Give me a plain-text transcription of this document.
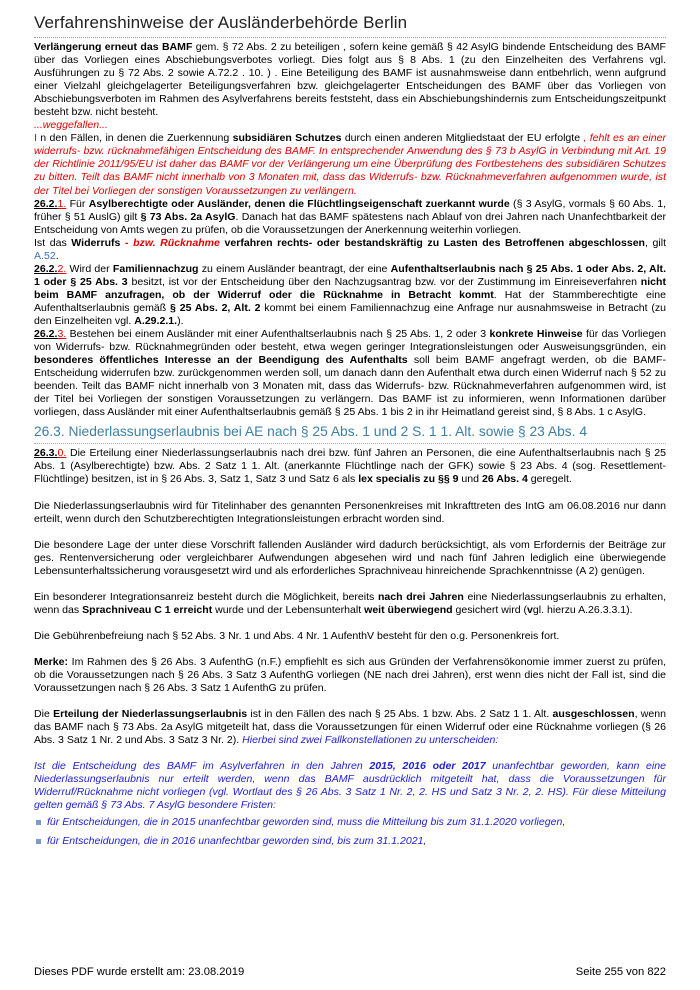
Verfahrenshinweise der Ausländerbehörde Berlin

Verlängerung erneut das BAMF gem. § 72 Abs. 2 zu beteiligen , sofern keine gemäß § 42 AsylG bindende Entscheidung des BAMF über das Vorliegen eines Abschiebungsverbotes vorliegt. Dies folgt aus § 8 Abs. 1 (zu den Einzelheiten des Verfahrens vgl. Ausführungen zu § 72 Abs. 2 sowie A.72.2 . 10. ) . Eine Beteiligung des BAMF ist ausnahmsweise dann entbehrlich, wenn aufgrund einer Vielzahl gleichgelagerter Beteiligungsverfahren bzw. gleichgelagerter Entscheidungen des BAMF über das Vorliegen von Abschiebungsverboten im Rahmen des Asylverfahrens bereits feststeht, dass ein Abschiebungshindernis zum Entscheidungszeitpunkt besteht bzw. nicht besteht.

...weggefallen...

I n den Fällen, in denen die Zuerkennung subsidiären Schutzes durch einen anderen Mitgliedstaat der EU erfolgte , fehlt es an einer widerrufs- bzw. rücknahmefähigen Entscheidung des BAMF. In entsprechender Anwendung des § 73 b AsylG in Verbindung mit Art. 19 der Richtlinie 2011/95/EU ist daher das BAMF vor der Verlängerung um eine Überprüfung des Fortbestehens des subsidiären Schutzes zu bitten. Teilt das BAMF nicht innerhalb von 3 Monaten mit, dass das Widerrufs- bzw. Rücknahmeverfahren aufgenommen wurde, ist der Titel bei Vorliegen der sonstigen Voraussetzungen zu verlängern.

26.2.1. Für Asylberechtigte oder Ausländer, denen die Flüchtlingseigenschaft zuerkannt wurde (§ 3 AsylG, vormals § 60 Abs. 1, früher § 51 AuslG) gilt § 73 Abs. 2a AsylG. Danach hat das BAMF spätestens nach Ablauf von drei Jahren nach Unanfechtbarkeit der Entscheidung von Amts wegen zu prüfen, ob die Voraussetzungen der Anerkennung weiterhin vorliegen.

Ist das Widerrufs - bzw. Rücknahme verfahren rechts- oder bestandskräftig zu Lasten des Betroffenen abgeschlossen, gilt A.52.

26.2.2. Wird der Familiennachzug zu einem Ausländer beantragt, der eine Aufenthaltserlaubnis nach § 25 Abs. 1 oder Abs. 2, Alt. 1 oder § 25 Abs. 3 besitzt, ist vor der Entscheidung über den Nachzugsantrag bzw. vor der Zustimmung im Einreiseverfahren nicht beim BAMF anzufragen, ob der Widerruf oder die Rücknahme in Betracht kommt. Hat der Stammberechtigte eine Aufenthaltserlaubnis gemäß § 25 Abs. 2, Alt. 2 kommt bei einem Familiennachzug eine Anfrage nur ausnahmsweise in Betracht (zu den Einzelheiten vgl. A.29.2.1.).

26.2.3. Bestehen bei einem Ausländer mit einer Aufenthaltserlaubnis nach § 25 Abs. 1, 2 oder 3 konkrete Hinweise für das Vorliegen von Widerrufs- bzw. Rücknahmegründen oder besteht, etwa wegen geringer Integrationsleistungen oder Ausweisungsgründen, ein besonderes öffentliches Interesse an der Beendigung des Aufenthalts soll beim BAMF angefragt werden, ob die BAMF-Entscheidung widerrufen bzw. zurückgenommen werden soll, um danach dann den Aufenthalt etwa durch einen Widerruf nach § 52 zu beenden. Teilt das BAMF nicht innerhalb von 3 Monaten mit, dass das Widerrufs- bzw. Rücknahmeverfahren aufgenommen wird, ist der Titel bei Vorliegen der sonstigen Voraussetzungen zu verlängern. Das BAMF ist zu informieren, wenn Informationen darüber vorliegen, dass Ausländer mit einer Aufenthaltserlaubnis gemäß § 25 Abs. 1 bis 2 in ihr Heimatland gereist sind, § 8 Abs. 1 c AsylG.

26.3. Niederlassungserlaubnis bei AE nach § 25 Abs. 1 und 2 S. 1 1. Alt. sowie § 23 Abs. 4

26.3.0. Die Erteilung einer Niederlassungserlaubnis nach drei bzw. fünf Jahren an Personen, die eine Aufenthaltserlaubnis nach § 25 Abs. 1 (Asylberechtigte) bzw. Abs. 2 Satz 1 1. Alt. (anerkannte Flüchtlinge nach der GFK) sowie § 23 Abs. 4 (sog. Resettlement-Flüchtlinge) besitzen, ist in § 26 Abs. 3, Satz 1, Satz 3 und Satz 6 als lex specialis zu §§ 9 und 26 Abs. 4 geregelt.

Die Niederlassungserlaubnis wird für Titelinhaber des genannten Personenkreises mit Inkrafttreten des IntG am 06.08.2016 nur dann erteilt, wenn durch den Schutzberechtigten Integrationsleistungen erbracht worden sind.

Die besondere Lage der unter diese Vorschrift fallenden Ausländer wird dadurch berücksichtigt, als vom Erfordernis der Beiträge zur ges. Rentenversicherung oder vergleichbarer Aufwendungen abgesehen wird und nach fünf Jahren lediglich eine überwiegende Lebensunterhaltssicherung vorausgesetzt wird und als erforderliches Sprachniveau hinreichende Sprachkenntnisse (A 2) genügen.

Ein besonderer Integrationsanreiz besteht durch die Möglichkeit, bereits nach drei Jahren eine Niederlassungserlaubnis zu erhalten, wenn das Sprachniveau C 1 erreicht wurde und der Lebensunterhalt weit überwiegend gesichert wird (vgl. hierzu A.26.3.3.1).

Die Gebührenbefreiung nach § 52 Abs. 3 Nr. 1 und Abs. 4 Nr. 1 AufenthV besteht für den o.g. Personenkreis fort.

Merke: Im Rahmen des § 26 Abs. 3 AufenthG (n.F.) empfiehlt es sich aus Gründen der Verfahrensökonomie immer zuerst zu prüfen, ob die Voraussetzungen nach § 26 Abs. 3 Satz 3 AufenthG vorliegen (NE nach drei Jahren), erst wenn dies nicht der Fall ist, sind die Voraussetzungen nach § 26 Abs. 3 Satz 1 AufenthG zu prüfen.

Die Erteilung der Niederlassungserlaubnis ist in den Fällen des nach § 25 Abs. 1 bzw. Abs. 2 Satz 1 1. Alt. ausgeschlossen, wenn das BAMF nach § 73 Abs. 2a AsylG mitgeteilt hat, dass die Voraussetzungen für einen Widerruf oder eine Rücknahme vorliegen (§ 26 Abs. 3 Satz 1 Nr. 2 und Abs. 3 Satz 3 Nr. 2). Hierbei sind zwei Fallkonstellationen zu unterscheiden:

Ist die Entscheidung des BAMF im Asylverfahren in den Jahren 2015, 2016 oder 2017 unanfechtbar geworden, kann eine Niederlassungserlaubnis nur erteilt werden, wenn das BAMF ausdrücklich mitgeteilt hat, dass die Voraussetzungen für Widerruf/Rücknahme nicht vorliegen (vgl. Wortlaut des § 26 Abs. 3 Satz 1 Nr. 2, 2. HS und Satz 3 Nr. 2, 2. HS). Für diese Mitteilung gelten gemäß § 73 Abs. 7 AsylG besondere Fristen:

für Entscheidungen, die in 2015 unanfechtbar geworden sind, muss die Mitteilung bis zum 31.1.2020 vorliegen,
für Entscheidungen, die in 2016 unanfechtbar geworden sind, bis zum 31.1.2021,
Dieses PDF wurde erstellt am: 23.08.2019	Seite 255 von 822
